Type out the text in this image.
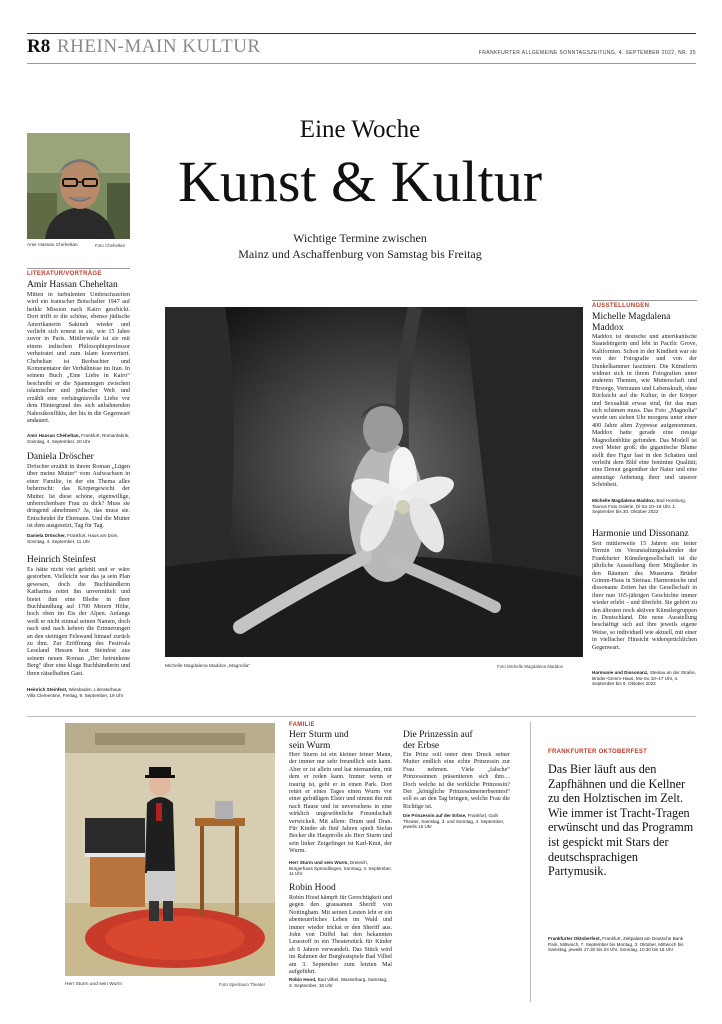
R8 RHEIN-MAIN KULTUR	FRANKFURTER ALLGEMEINE SONNTAGSZEITUNG, 4. SEPTEMBER 2022, NR. 35
Eine Woche
Kunst & Kultur
Wichtige Termine zwischen
Mainz und Aschaffenburg von Samstag bis Freitag
Amir Hassan Cheheltan	Foto Cheheltan
LITERATUR/VORTRÄGE
Amir Hassan Cheheltan
Mitten in turbulenten Umbruchszeiten wird ein iranischer Botschafter 1947 auf heikle Mission nach Kairo geschickt. Dort trifft er die schöne, ebenso jüdische Amerikanerin Sakineh wieder und verliebt sich erneut in sie, wie 15 Jahre zuvor in Paris. Mittlerweile ist sie mit einem indischen Philosophieprofessor verheiratet und zum Islam konvertiert. Cheheltan ist Beobachter und Kommentator der Verhältnisse im Iran. In seinem Buch „Eine Liebe in Kairo“ beschreibt er die Spannungen zwischen islamischer und jüdischer Welt und erzählt eine verhängnisvolle Liebe vor dem Hintergrund des sich anbahnenden Nahostkonflikts, der bis in die Gegenwart andauert.
Amir Hassan Cheheltan, Frankfurt, Romanfabrik, Sonntag, 4. September, 20 Uhr
Daniela Dröscher
Dröscher erzählt in ihrem Roman „Lügen über meine Mutter“ vom Aufwachsen in einer Familie, in der ein Thema alles beherrscht: das Körpergewicht der Mutter. Ist diese schöne, eigenwillige, unberechenbare Frau zu dick? Muss sie dringend abnehmen? Ja, das muss sie. Entscheidet ihr Ehemann. Und die Mutter ist dem ausgesetzt, Tag für Tag.
Daniela Dröscher, Frankfurt, Haus am Dom, Sonntag, 4. September, 11 Uhr
Heinrich Steinfest
Es hätte nicht viel gefehlt und er wäre gestorben. Vielleicht war das ja sein Plan gewesen, doch die Buchhändlerin Katharina rettet ihn unvermittelt und bietet ihm eine Bleibe in ihrer Buchhandlung auf 1700 Metern Höhe, hoch oben im Eis der Alpen. Anfangs weiß er nicht einmal seinen Namen, doch nach und nach kehren die Erinnerungen an den steinigen Felswand himauf zurück zu ihm. Zur Eröffnung des Festivals Leseland Hessen liest Steinfest aus seinem neuen Roman „Der betrunkene Berg“ über eine kluge Buchhändlerin und ihren rätselhaften Gast.
Heinrich Steinfest, Wiesbaden, Literaturhaus Villa Clementine, Freitag, 9. September, 19 Uhr
Michelle Magdalena Maddox „Magnolia“	Foto Michelle Magdalena Maddox
AUSSTELLUNGEN
Michelle Magdalena Maddox
Maddox ist deutsche und amerikanische Staatsbürgerin und lebt in Pacific Grove, Kalifornien. Schon in der Kindheit war sie von der Fotografie und von der Dunkelkammer fasziniert. Die Künstlerin widmet sich in ihrem Fotografien unter anderem Themen, wie Mutterschaft und Fürsorge, Vertrauen und Lebenskraft, ohne Rücksicht auf die Kultur, in der Körper und Sexualität erwas sind, für das man sich schämen muss. Das Foto „Magnolia“ wurde um sieben Uhr morgens unter einer 400 Jahre alten Zypresse aufgenommen. Maddox hatte gerade eine riesige Magnolienblüte gefunden. Das Modell ist zwei Meter groß; die gigantische Blume stellt ihre Figur fast in den Schatten und verleiht dem Bild eine feminine Qualität; eine Demut gegenüber der Natur und eine anmutige Anbetung ihrer und unserer Schönheit.
Michelle Magdalena Maddox, Bad Homburg, Taunus Foto Galerie, Di-So 10–19 Uhr, 1. September bis 30. Oktober 2022
Harmonie und Dissonanz
Seit mittlerweile 15 Jahren ein fester Termin im Veranstaltungskalender der Frankfurter Künstlergesellschaft ist die jährliche Ausstellung ihrer Mitglieder in den Räumen des Museums Brüder Grimm-Haus in Steinau. Harmonische und dissonante Zeiten hat die Gesellschaft in ihrer nun 165-jährigen Geschichte immer wieder erlebt – und überlebt. Sie gehört zu den ältesten noch aktiven Künstlergruppen in Deutschland. Die neue Ausstellung beschäftigt sich auf ihre jeweils eigene Weise, so individuell wie aktuell, mit einer in vielfacher Hinsicht widersprüchlichen Gegenwart.
Harmonie und Dissonanz, Steinau an der Straße, Brüder-Grimm-Haus, Mo-So 10–17 Uhr, 4. September bis 9. Oktober 2022
Herr Sturm und sein Wurm	Foto Spielraum Theater
FAMILIE
Herr Sturm und sein Wurm
Herr Sturm ist ein kleiner feiner Mann, der immer nur sehr freundlich sein kann. Aber er ist allein und hat niemanden, mit dem er reden kann. Immer wenn er traurig ist, geht er in einen Park. Dort rettet er eines Tages einen Wurm vor einer gefräßigen Elster und nimmt ihn mit nach Hause und ist unversehens in eine wirklich ungewöhnliche Freundschaft verwickelt. Mit allem: Drum und Dran. Für Kinder ab fünf Jahren spielt Stefan Becker die Hauptrolle als Herr Sturm und sein linker Zeigefinger ist Karl-Knut, der Wurm.
Herr Sturm und sein Wurm, Dreieich, Bürgerhaus Sprendlingen, Sonntag, 4. September, 11 Uhr
Robin Hood
Robin Hood kämpft für Gerechtigkeit und gegen den grausamen Sheriff von Nottingham. Mit seinen Leuten lebt er ein abenteuerliches Leben im Wald und immer wieder trickst er den Sheriff aus. John von Düffel hat den bekannten Lesestoff in ein Theaterstück für Kinder ab 6 Jahren verwandelt. Das Stück wird im Rahmen der Burgfestspiele Bad Vilbel am 3. September zum letzten Mal aufgeführt.
Robin Hood, Bad Vilbel, Wasserburg, Samstag, 3. September, 15 Uhr
Die Prinzessin auf der Erbse
Ein Prinz soll unter dem Druck seiner Mutter endlich eine echte Prinzessin zur Frau nehmen. Viele „falsche“ Prinzessinnen präsentieren sich ihm… Doch welche ist die wirkliche Prinzessin? Der „königliche Prinzessinnenerbsentest“ soll es an den Tag bringen, welche Frau die Richtige ist.
Die Prinzessin auf der Erbse, Frankfurt, Galli Theater, Samstag, 3. und Sonntag, 4. September, jeweils 16 Uhr
FRANKFURTER OKTOBERFEST
Das Bier läuft aus den Zapfhähnen und die Kellner zu den Holztischen im Zelt. Wie immer ist Tracht-Tragen erwünscht und das Programm ist gespickt mit Stars der deutschsprachigen Partymusik.
Frankfurter Oktoberfest, Frankfurt, Zeltpalast am Deutsche Bank Park, Mittwoch, 7. September bis Montag, 3. Oktober, Mittwoch bis Samstag, jeweils 17.30 bis 24 Uhr, Sonntag, 10.30 bis 16 Uhr
